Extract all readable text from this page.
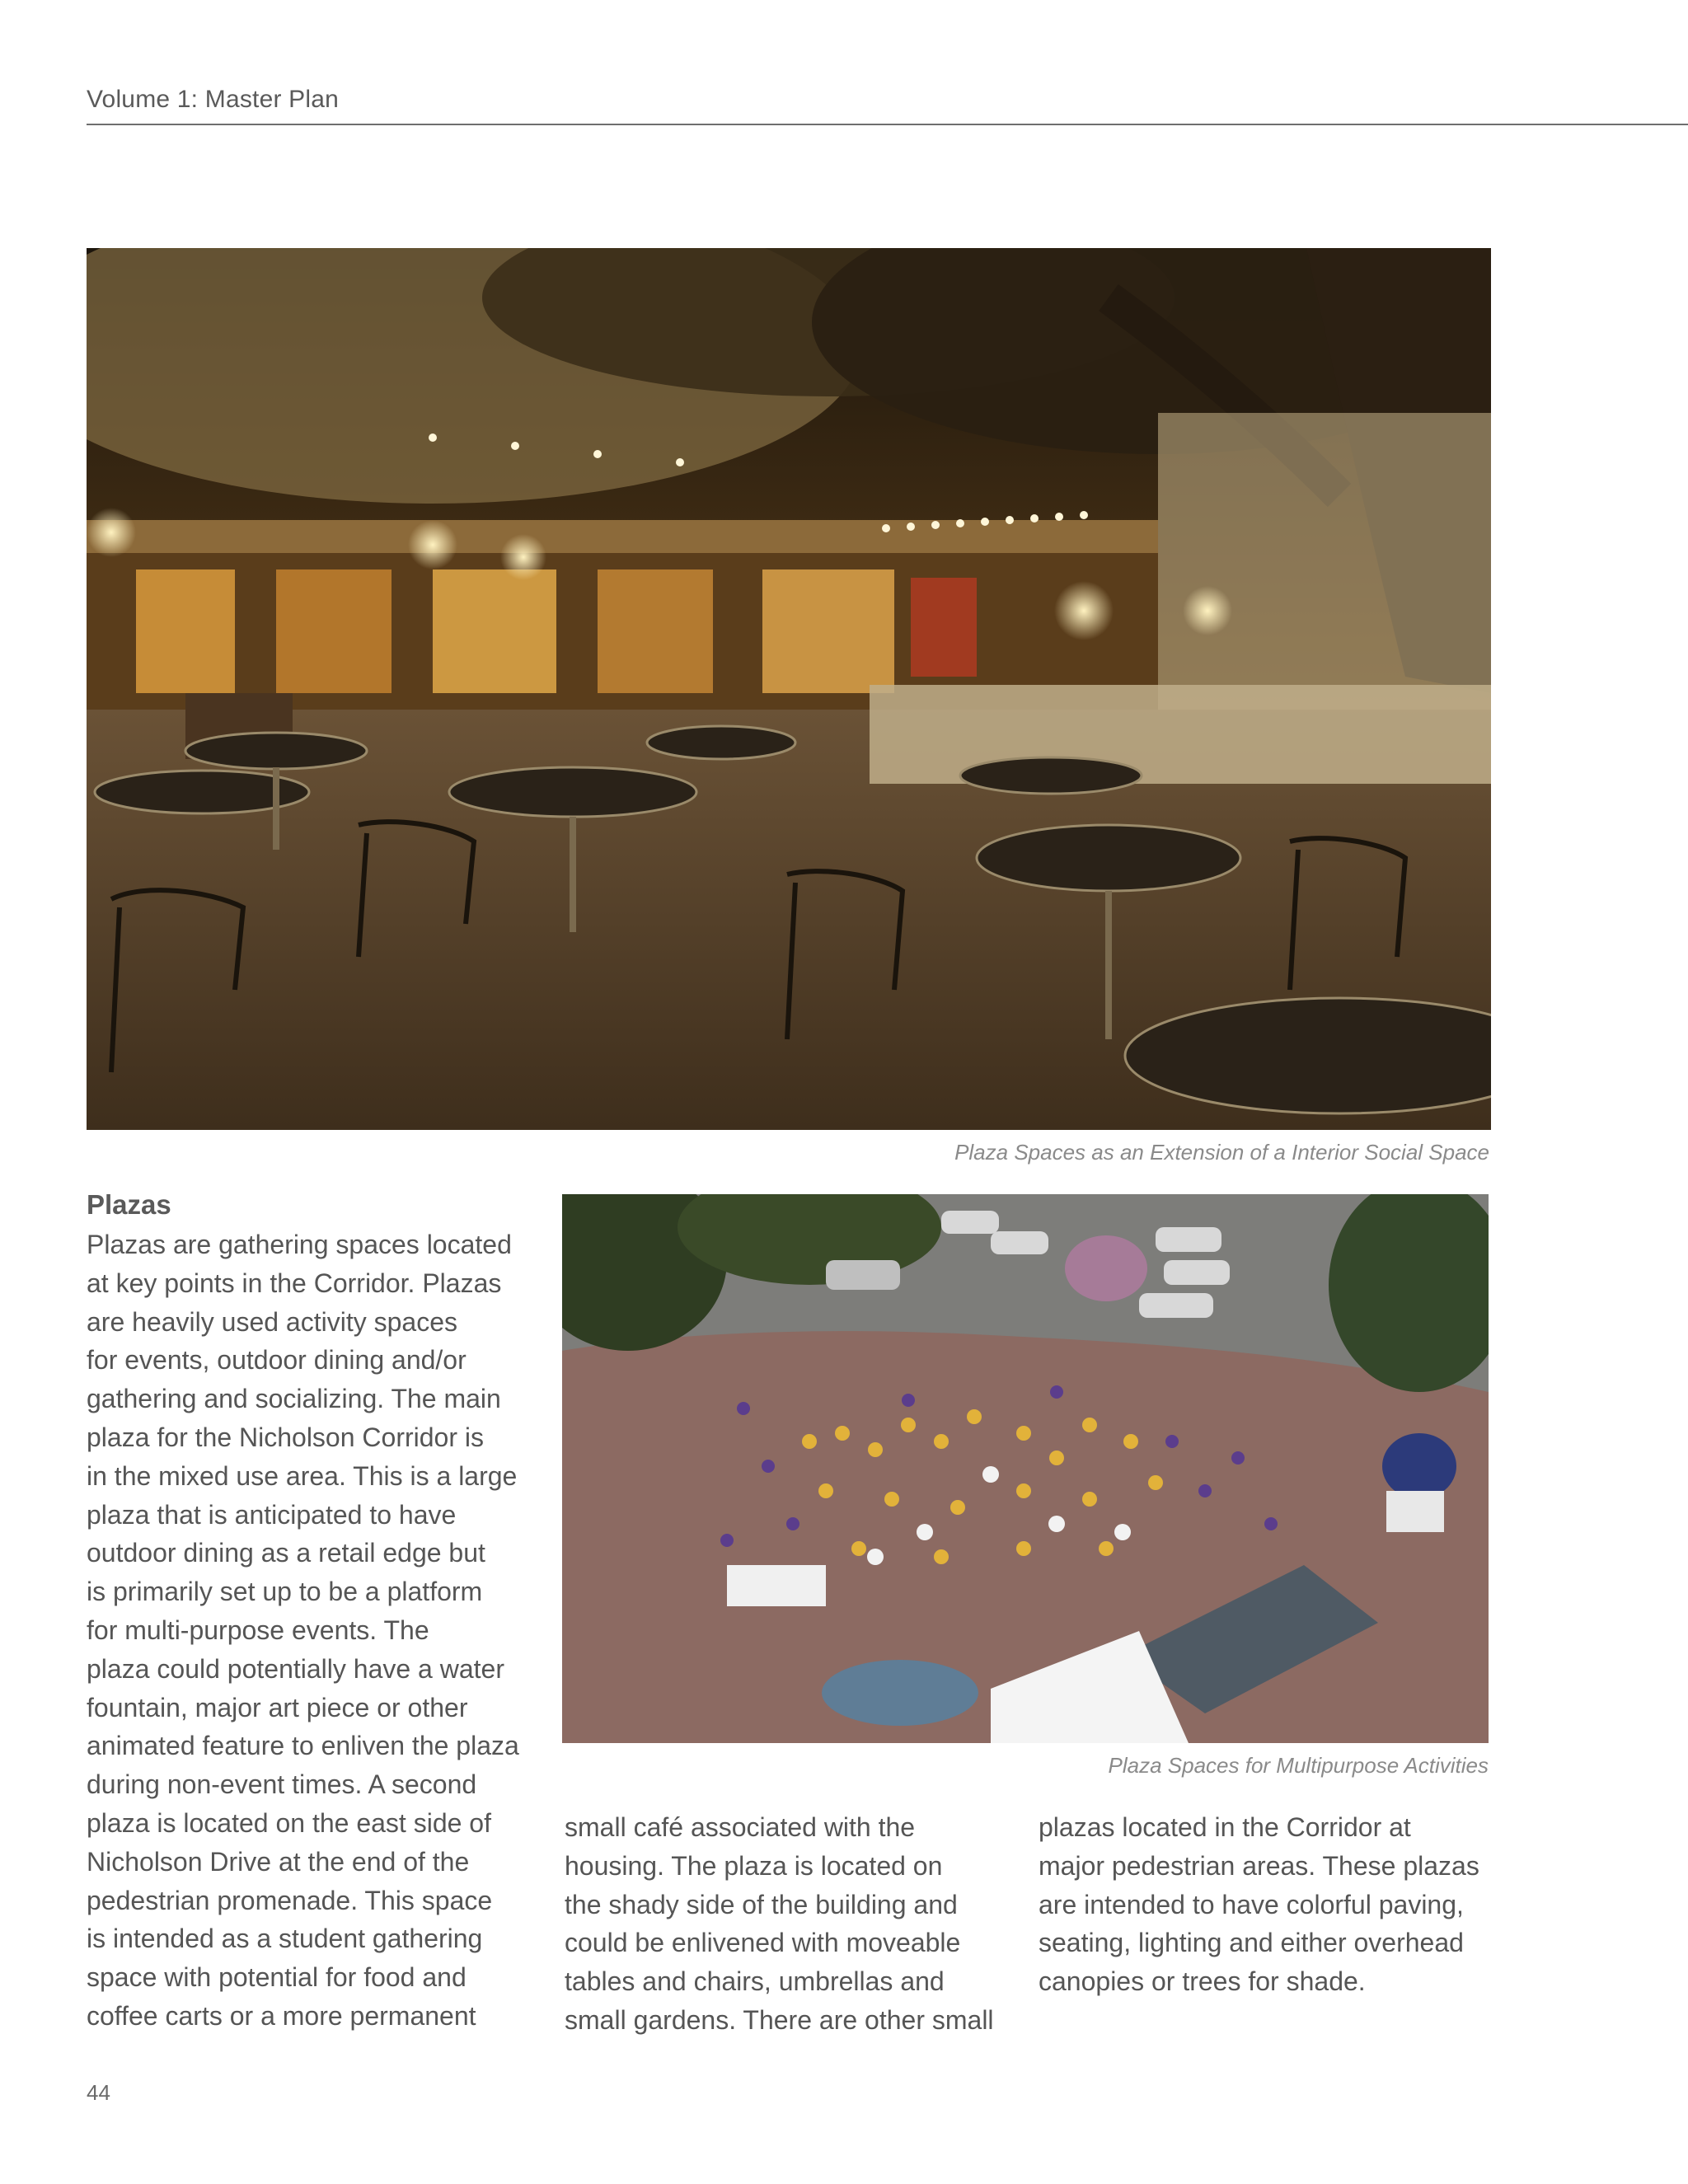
Volume 1: Master Plan
Plaza Spaces as an Extension of a Interior Social Space
Plazas

Plazas are gathering spaces located
at key points in the Corridor. Plazas
are heavily used activity spaces
for events, outdoor dining and/or
gathering and socializing. The main
plaza for the Nicholson Corridor is
in the mixed use area. This is a large
plaza that is anticipated to have
outdoor dining as a retail edge but
is primarily set up to be a platform
for multi-purpose events. The
plaza could potentially have a water
fountain, major art piece or other
animated feature to enliven the plaza
during non-event times. A second
plaza is located on the east side of
Nicholson Drive at the end of the
pedestrian promenade. This space
is intended as a student gathering
space with potential for food and
coffee carts or a more permanent

Plaza Spaces for Multipurpose Activities

small café associated with the
housing. The plaza is located on
the shady side of the building and
could be enlivened with moveable
tables and chairs, umbrellas and
small gardens. There are other small

plazas located in the Corridor at
major pedestrian areas. These plazas
are intended to have colorful paving,
seating, lighting and either overhead
canopies or trees for shade.

44
